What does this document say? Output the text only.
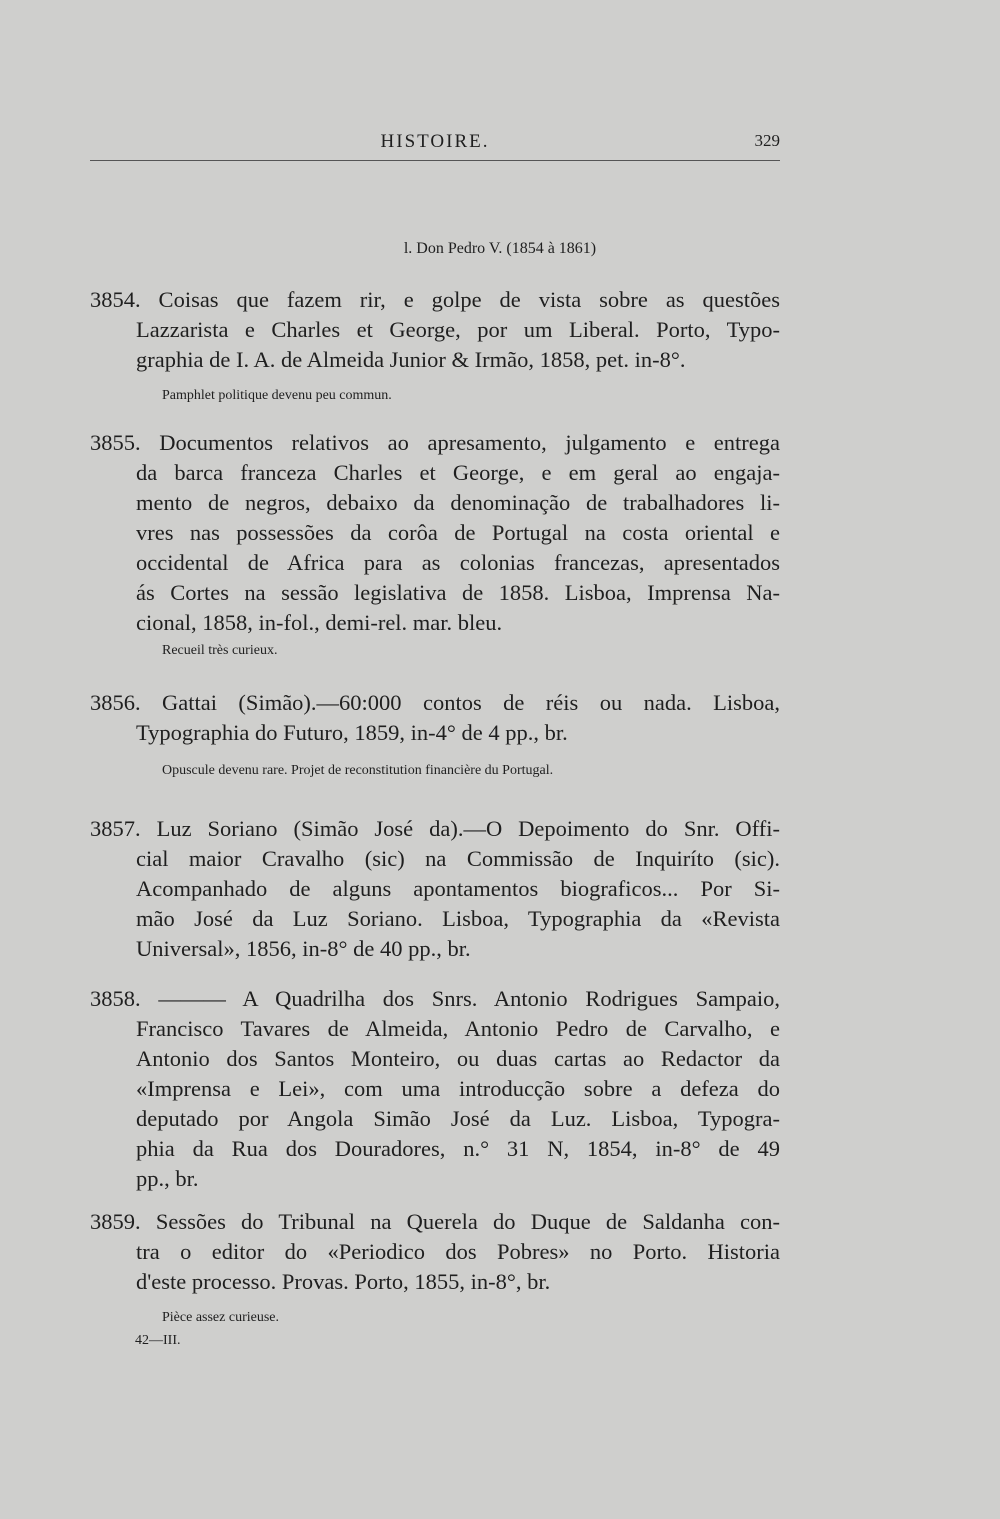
HISTOIRE.	329
l. Don Pedro V. (1854 à 1861)
3854. Coisas que fazem rir, e golpe de vista sobre as questões
Lazzarista e Charles et George, por um Liberal. Porto, Typo-
graphia de I. A. de Almeida Junior & Irmão, 1858, pet. in-8°.
Pamphlet politique devenu peu commun.
3855. Documentos relativos ao apresamento, julgamento e entrega
da barca franceza Charles et George, e em geral ao engaja-
mento de negros, debaixo da denominação de trabalhadores li-
vres nas possessões da corôa de Portugal na costa oriental e
occidental de Africa para as colonias francezas, apresentados
ás Cortes na sessão legislativa de 1858. Lisboa, Imprensa Na-
cional, 1858, in-fol., demi-rel. mar. bleu.
Recueil très curieux.
3856. Gattai (Simão).—60:000 contos de réis ou nada. Lisboa,
Typographia do Futuro, 1859, in-4° de 4 pp., br.
Opuscule devenu rare. Projet de reconstitution financière du Portugal.
3857. Luz Soriano (Simão José da).—O Depoimento do Snr. Offi-
cial maior Cravalho (sic) na Commissão de Inquiríto (sic).
Acompanhado de alguns apontamentos biograficos... Por Si-
mão José da Luz Soriano. Lisboa, Typographia da «Revista
Universal», 1856, in-8° de 40 pp., br.
3858. ——— A Quadrilha dos Snrs. Antonio Rodrigues Sampaio,
Francisco Tavares de Almeida, Antonio Pedro de Carvalho, e
Antonio dos Santos Monteiro, ou duas cartas ao Redactor da
«Imprensa e Lei», com uma introducção sobre a defeza do
deputado por Angola Simão José da Luz. Lisboa, Typogra-
phia da Rua dos Douradores, n.° 31 N, 1854, in-8° de 49
pp., br.
3859. Sessões do Tribunal na Querela do Duque de Saldanha con-
tra o editor do «Periodico dos Pobres» no Porto. Historia
d'este processo. Provas. Porto, 1855, in-8°, br.
Pièce assez curieuse.
42—III.
